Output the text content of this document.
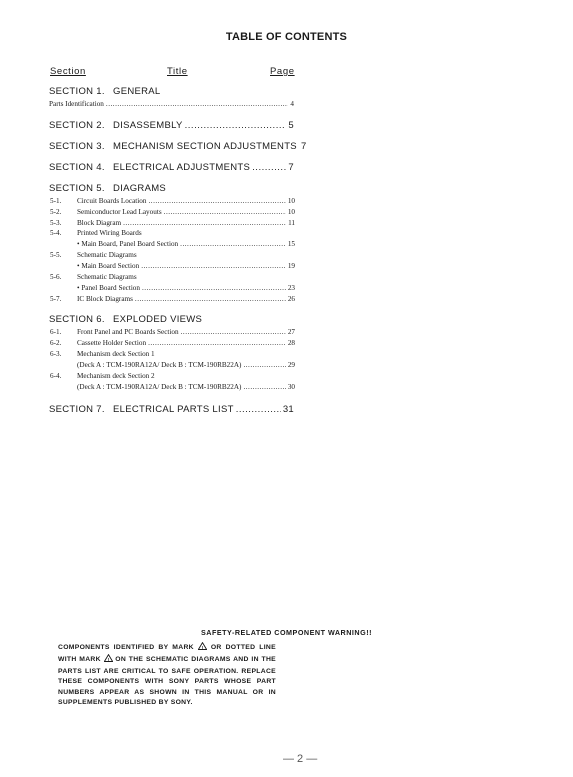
TABLE OF CONTENTS
Section	Title	Page
SECTION 1. GENERAL
Parts Identification .....	4
SECTION 2. DISASSEMBLY .....	5
SECTION 3. MECHANISM SECTION ADJUSTMENTS 7
SECTION 4. ELECTRICAL ADJUSTMENTS .....	7
SECTION 5. DIAGRAMS
5-1.	Circuit Boards Location .....	10
5-2.	Semiconductor Lead Layouts .....	10
5-3.	Block Diagram .....	11
5-4.	Printed Wiring Boards
• Main Board, Panel Board Section .....	15
5-5.	Schematic Diagrams
• Main Board Section .....	19
5-6.	Schematic Diagrams
• Panel Board Section .....	23
5-7.	IC Block Diagrams .....	26
SECTION 6. EXPLODED VIEWS
6-1.	Front Panel and PC Boards Section .....	27
6-2.	Cassette Holder Section .....	28
6-3.	Mechanism deck Section 1
(Deck A : TCM-190RA12A/ Deck B : TCM-190RB22A) .....	29
6-4.	Mechanism deck Section 2
(Deck A : TCM-190RA12A/ Deck B : TCM-190RB22A) .....	30
SECTION 7. ELECTRICAL PARTS LIST .....	31
SAFETY-RELATED COMPONENT WARNING!!
COMPONENTS IDENTIFIED BY MARK ! OR DOTTED LINE WITH MARK ! ON THE SCHEMATIC DIAGRAMS AND IN THE PARTS LIST ARE CRITICAL TO SAFE OPERATION. REPLACE THESE COMPONENTS WITH SONY PARTS WHOSE PART NUMBERS APPEAR AS SHOWN IN THIS MANUAL OR IN SUPPLEMENTS PUBLISHED BY SONY.
— 2 —
